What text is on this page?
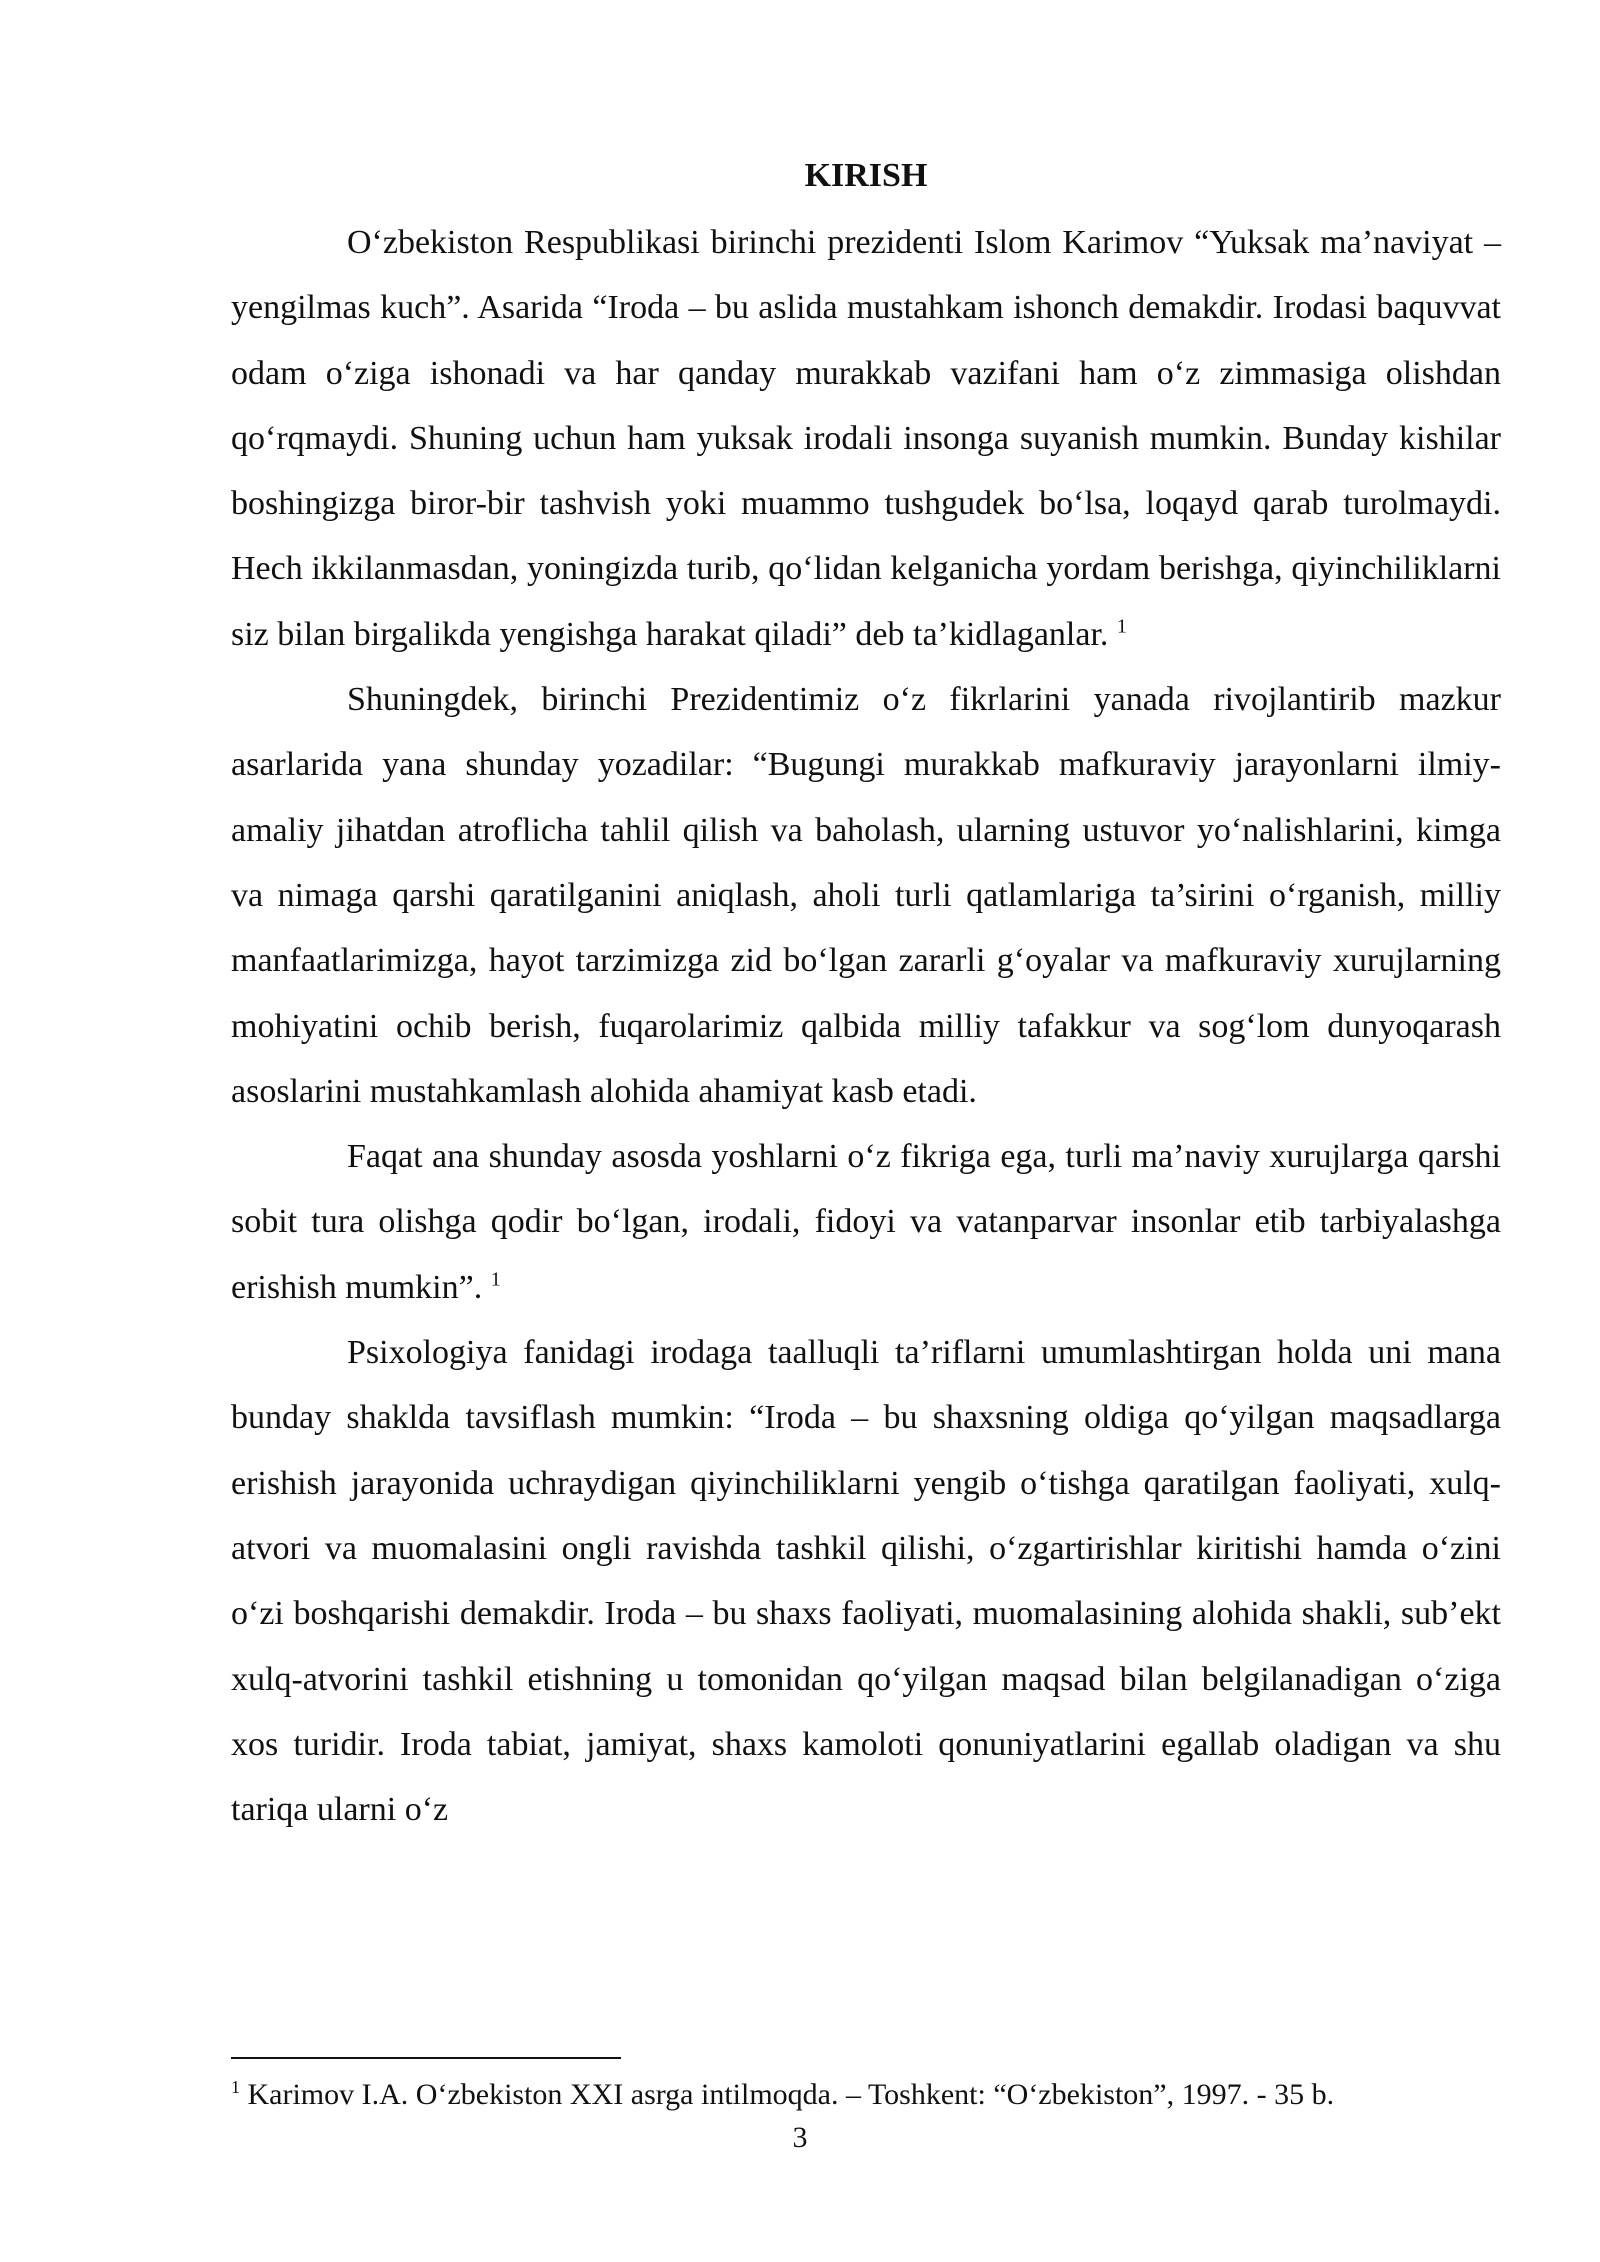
KIRISH

O‘zbekiston Respublikasi birinchi prezidenti Islom Karimov “Yuksak ma’naviyat – yengilmas kuch”. Asarida “Iroda – bu aslida mustahkam ishonch demakdir. Irodasi baquvvat odam o‘ziga ishonadi va har qanday murakkab vazifani ham o‘z zimmasiga olishdan qo‘rqmaydi. Shuning uchun ham yuksak irodali insonga suyanish mumkin. Bunday kishilar boshingizga biror-bir tashvish yoki muammo tushgudek bo‘lsa, loqayd qarab turolmaydi. Hech ikkilanmasdan, yoningizda turib, qo‘lidan kelganicha yordam berishga, qiyinchiliklarni siz bilan birgalikda yengishga harakat qiladi” deb ta’kidlaganlar. $^1$

Shuningdek, birinchi Prezidentimiz o‘z fikrlarini yanada rivojlantirib mazkur asarlarida yana shunday yozadilar: “Bugungi murakkab mafkuraviy jarayonlarni ilmiy-amaliy jihatdan atroflicha tahlil qilish va baholash, ularning ustuvor yo‘nalishlarini, kimga va nimaga qarshi qaratilganini aniqlash, aholi turli qatlamlariga ta’sirini o‘rganish, milliy manfaatlarimizga, hayot tarzimizga zid bo‘lgan zararli g‘oyalar va mafkuraviy xurujlarning mohiyatini ochib berish, fuqarolarimiz qalbida milliy tafakkur va sog‘lom dunyoqarash asoslarini mustahkamlash alohida ahamiyat kasb etadi.

Faqat ana shunday asosda yoshlarni o‘z fikriga ega, turli ma’naviy xurujlarga qarshi sobit tura olishga qodir bo‘lgan, irodali, fidoyi va vatanparvar insonlar etib tarbiyalashga erishish mumkin”. $^1$

Psixologiya fanidagi irodaga taalluqli ta’riflarni umumlashtirgan holda uni mana bunday shaklda tavsiflash mumkin: “Iroda – bu shaxsning oldiga qo‘yilgan maqsadlarga erishish jarayonida uchraydigan qiyinchiliklarni yengib o‘tishga qaratilgan faoliyati, xulq-atvori va muomalasini ongli ravishda tashkil qilishi, o‘zgartirishlar kiritishi hamda o‘zini o‘zi boshqarishi demakdir. Iroda – bu shaxs faoliyati, muomalasining alohida shakli, sub’ekt xulq-atvorini tashkil etishning u tomonidan qo‘yilgan maqsad bilan belgilanadigan o‘ziga xos turidir. Iroda tabiat, jamiyat, shaxs kamoloti qonuniyatlarini egallab oladigan va shu tariqa ularni o‘z

$^1$ Karimov I.A. O‘zbekiston XXI asrga intilmoqda. – Toshkent: “O‘zbekiston”, 1997. - 35 b.
3
